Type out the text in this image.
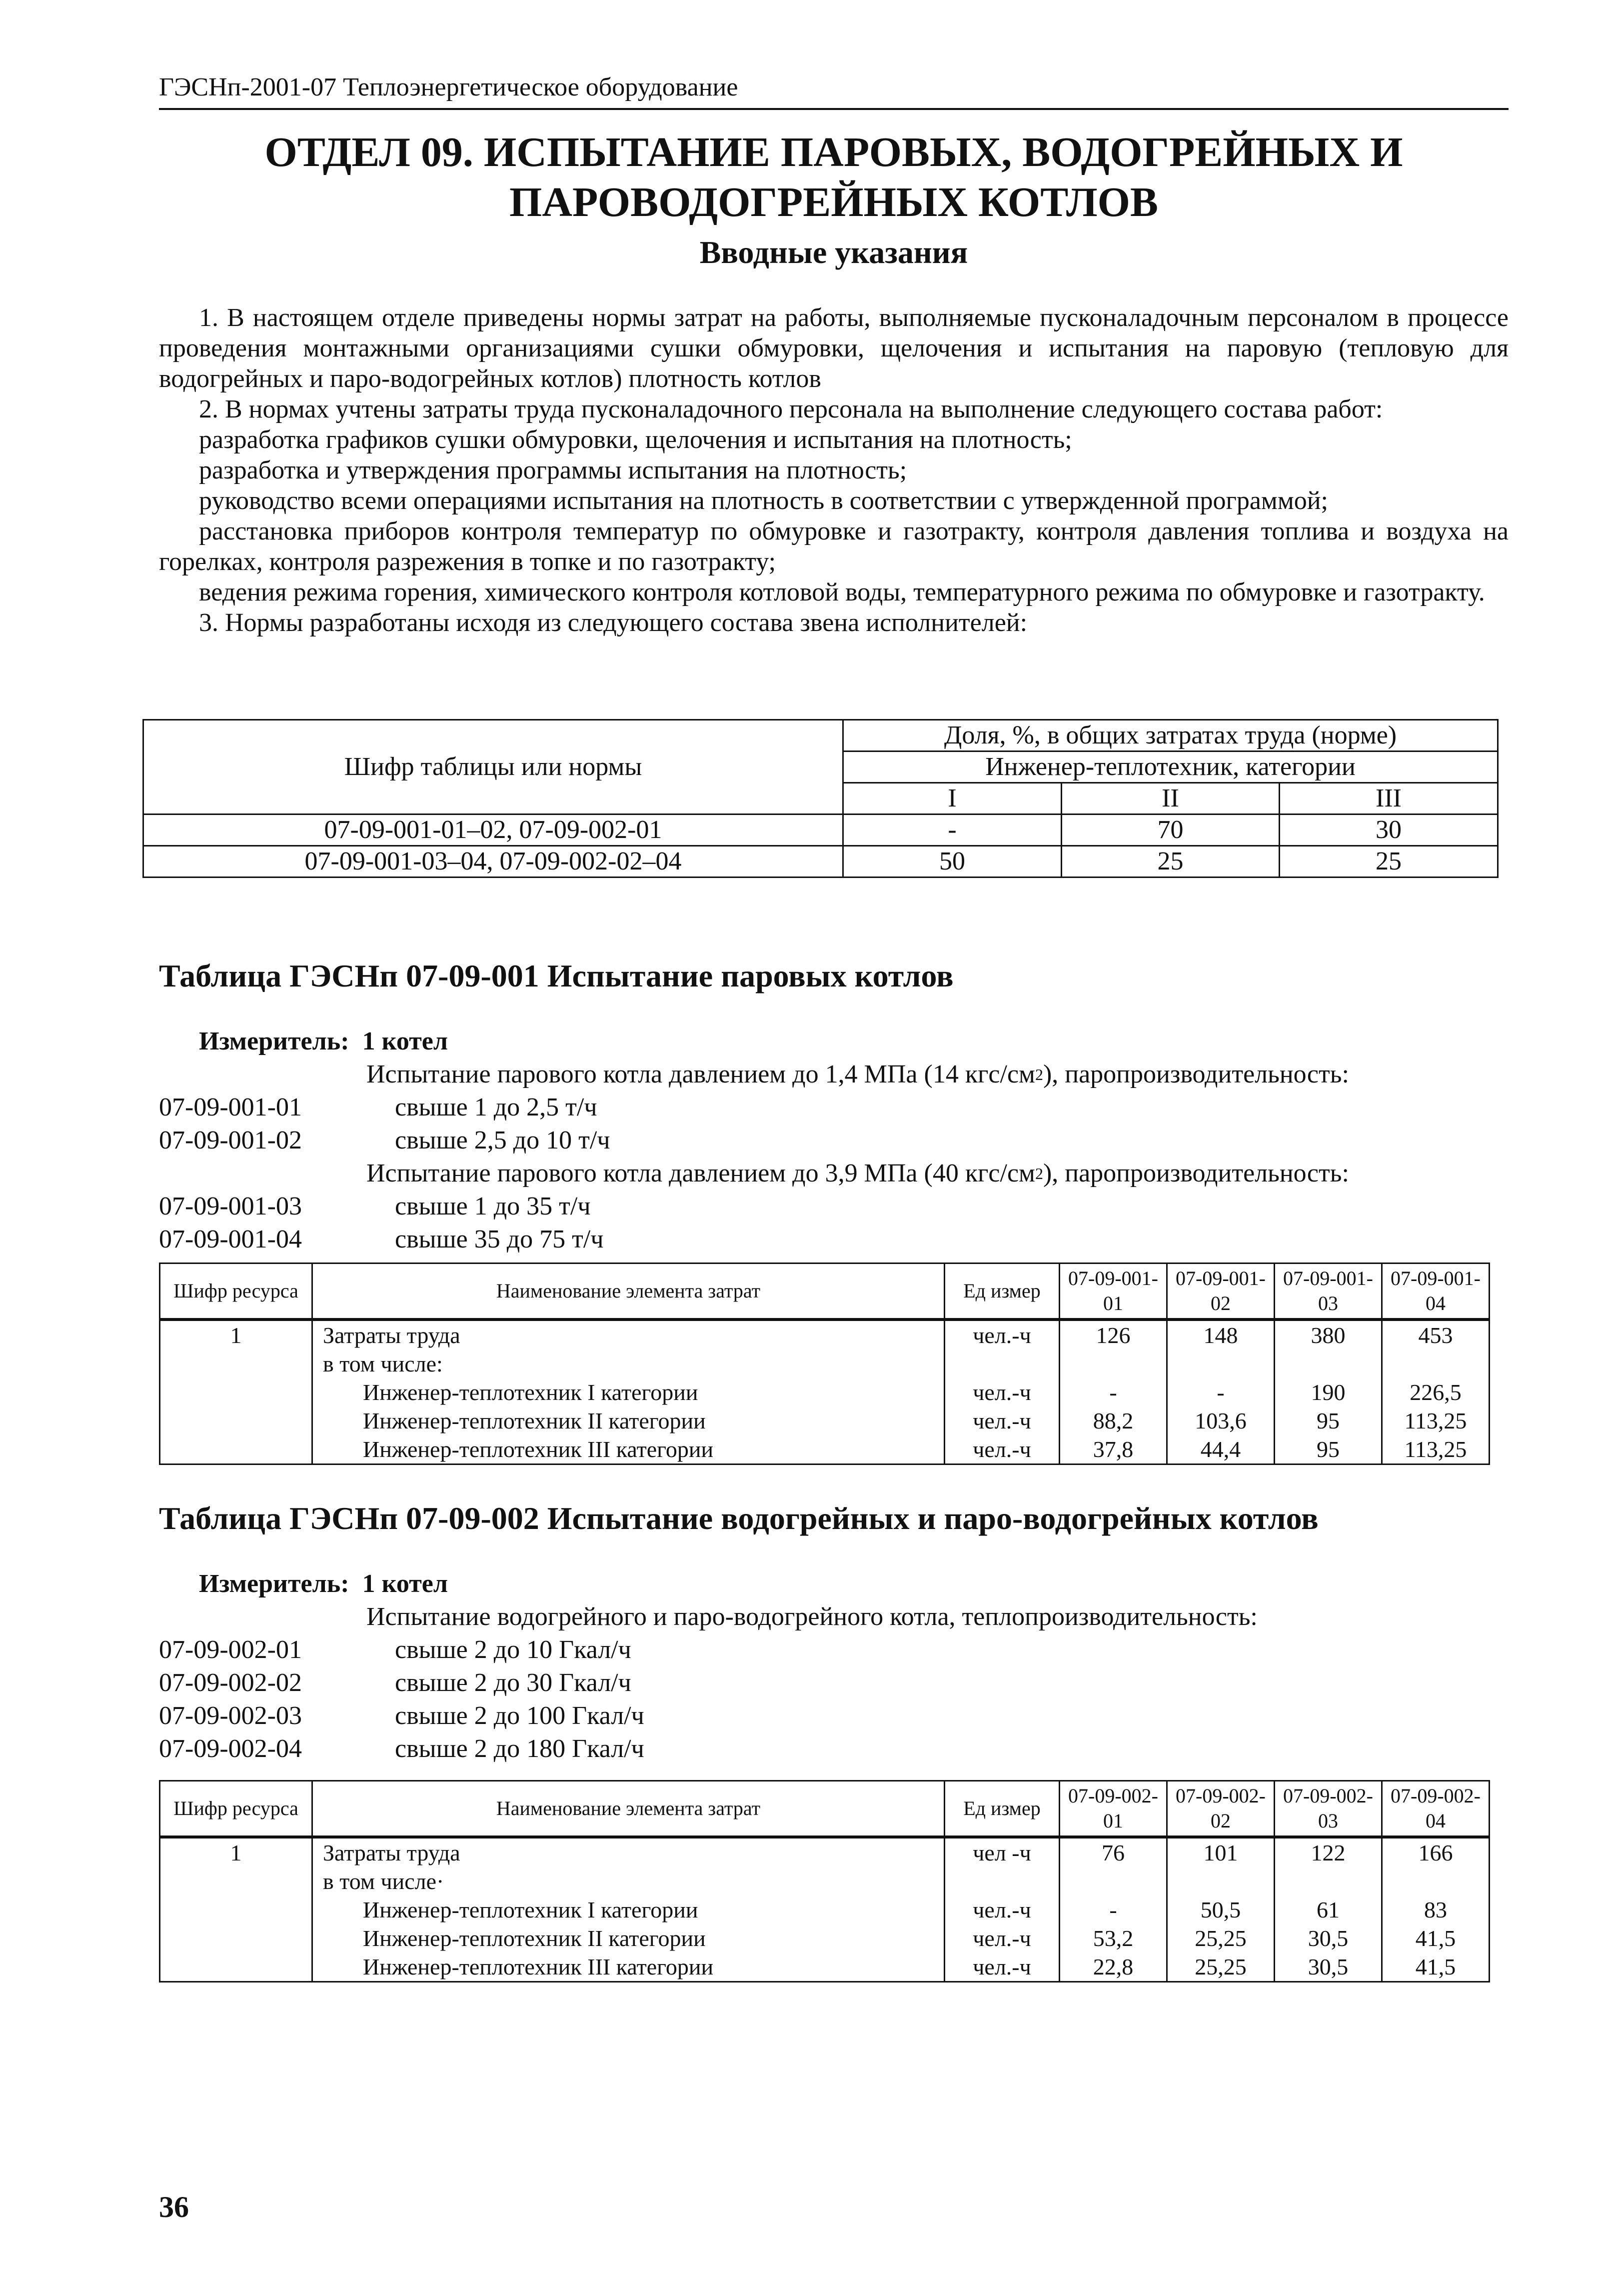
ГЭСНп-2001-07 Теплоэнергетическое оборудование
ОТДЕЛ 09. ИСПЫТАНИЕ ПАРОВЫХ, ВОДОГРЕЙНЫХ И
ПАРОВОДОГРЕЙНЫХ КОТЛОВ
Вводные указания

1. В настоящем отделе приведены нормы затрат на работы, выполняемые пусконаладочным персоналом в процессе проведения монтажными организациями сушки обмуровки, щелочения и испытания на паровую (тепловую для водогрейных и паро-водогрейных котлов) плотность котлов

2. В нормах учтены затраты труда пусконаладочного персонала на выполнение следующего состава работ:

разработка графиков сушки обмуровки, щелочения и испытания на плотность;

разработка и утверждения программы испытания на плотность;

руководство всеми операциями испытания на плотность в соответствии с утвержденной программой;

расстановка приборов контроля температур по обмуровке и газотракту, контроля давления топлива и воздуха на горелках, контроля разрежения в топке и по газотракту;

ведения режима горения, химического контроля котловой воды, температурного режима по обмуровке и газотракту.

3. Нормы разработаны исходя из следующего состава звена исполнителей:

Шифр таблицы или нормы	Доля, %, в общих затратах труда (норме)		
	Инженер-теплотехник, категории		
	I	II	III
07-09-001-01–02, 07-09-002-01	-	70	30
07-09-001-03–04, 07-09-002-02–04	50	25	25
Таблица ГЭСНп 07-09-001 Испытание паровых котлов
Измеритель:
1 котел
Испытание парового котла давлением до 1,4 МПа (14 кгс/см 2 ), паропроизводительность:
07-09-001-01	свыше 1 до 2,5 т/ч
07-09-001-02	свыше 2,5 до 10 т/ч
Испытание парового котла давлением до 3,9 МПа (40 кгс/см 2 ), паропроизводительность:
07-09-001-03	свыше 1 до 35 т/ч
07-09-001-04	свыше 35 до 75 т/ч
Шифр ресурса	Наименование элемента затрат	Ед измер	07-09-001-01	07-09-001-02	07-09-001-03	07-09-001-04
1	Затраты труда	чел.-ч	126	148	380	453
	в том числе:					
	Инженер-теплотехник I категории	чел.-ч	-	-	190	226,5
	Инженер-теплотехник II категории	чел.-ч	88,2	103,6	95	113,25
	Инженер-теплотехник III категории	чел.-ч	37,8	44,4	95	113,25
Таблица ГЭСНп 07-09-002 Испытание водогрейных и паро-водогрейных котлов
Измеритель:
1 котел
Испытание водогрейного и паро-водогрейного котла, теплопроизводительность:
07-09-002-01	свыше 2 до 10 Гкал/ч
07-09-002-02	свыше 2 до 30 Гкал/ч
07-09-002-03	свыше 2 до 100 Гкал/ч
07-09-002-04	свыше 2 до 180 Гкал/ч
Шифр ресурса	Наименование элемента затрат	Ед измер	07-09-002-01	07-09-002-02	07-09-002-03	07-09-002-04
1	Затраты труда	чел -ч	76	101	122	166
	в том числе·					
	Инженер-теплотехник I категории	чел.-ч	-	50,5	61	83
	Инженер-теплотехник II категории	чел.-ч	53,2	25,25	30,5	41,5
	Инженер-теплотехник III категории	чел.-ч	22,8	25,25	30,5	41,5
36
